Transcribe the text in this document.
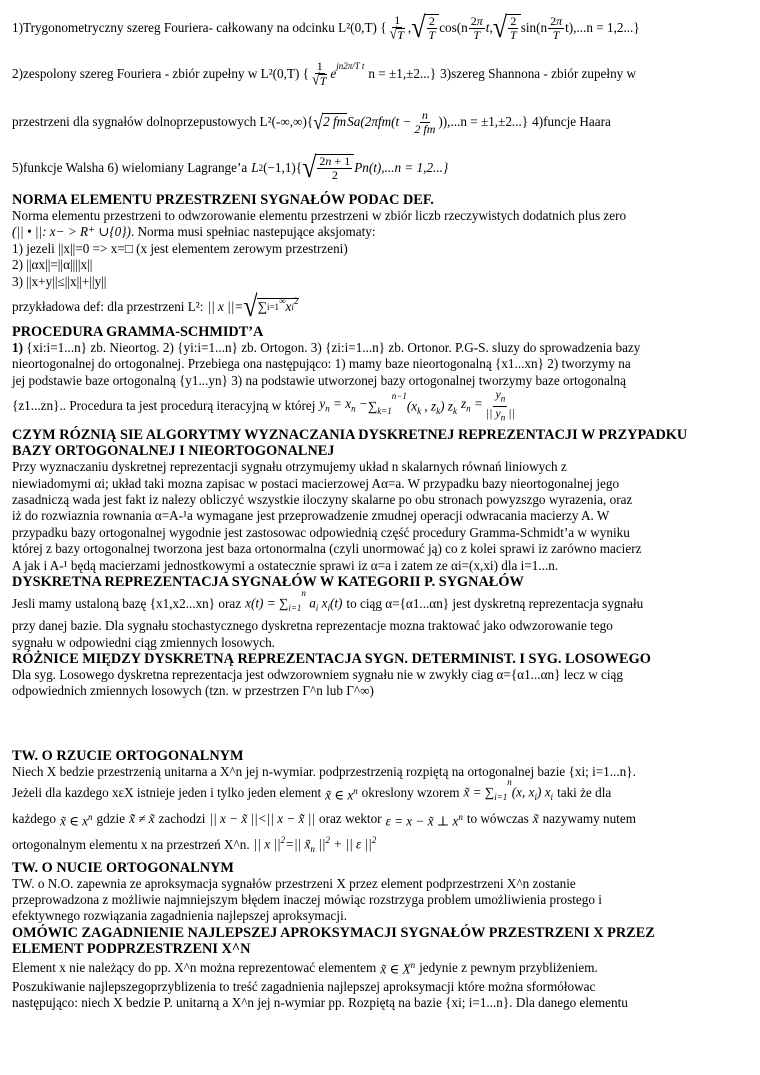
1)Trygonometryczny szereg Fouriera- całkowany na odcinku L²(0,T) { $\frac{1}{√ T}$ , √ $\frac{2}{T} \cos(n \frac{2\pi}{T}$ t , √ $\frac{2}{T} \sin(n \frac{2\pi}{T} t),...n = 1,2$...}
2)zespolony szereg Fouriera - zbiór zupełny w L²(0,T) { $\frac{1}{√ T} e^{jn2\pi/T t}$ n = ±1,±2...} 3)szereg Shannona - zbiór zupełny w
przestrzeni dla sygnałów dolnoprzepustowych L²(-∞,∞){ √ 2 fm $Sa(2\pi fm(t - \frac{n}{2 fm} )),...n = \pm 1,\pm 2$...} 4)funcje Haara
5)funkcje Walsha 6) wielomiany Lagrange’a L 2 (−1,1){ √ $\frac{2n + 1}{2} Pn(t),...n = 1,2$...}
NORMA ELEMENTU PRZESTRZENI SYGNAŁÓW PODAC DEF.

Norma elementu przestrzeni to odwzorowanie elementu przestrzeni w zbiór liczb rzeczywistych dodatnich plus zero

(|| • ||: x− > R⁺ ∪{0}) . Norma musi spełniac nastepujące aksjomaty:

1) jezeli ||x||=0 => x=□ (x jest elementem zerowym przestrzeni)

2) ||αx||=||α||||x||

3) ||x+y||≤||x||+||y||

przykładowa def: dla przestrzeni L²: || x ||= √ ∑ i=1
∞ x i
$^2$
PROCEDURA GRAMMA-SCHMIDT’A

1) {xi:i=1...n} zb. Nieortog. 2) {yi:i=1...n} zb. Ortogon. 3) {zi:i=1...n} zb. Ortonor. P.G-S. sluzy do sprowadzenia bazy

nieortogonalnej do ortogonalnej. Przebiega ona następująco: 1) mamy baze nieortogonalną {x1...xn} 2) tworzymy na

jej podstawie baze ortogonalną {y1...yn} 3) na podstawie utworzonej bazy ortogonalnej tworzymy baze ortogonalną

{z1...zn}.. Procedura ta jest procedurą iteracyjną w której $y_n = x_n - \sum_{k=1}^{n-1}(x_k$ , $z_k$) $z_k$ $z_n = \frac{y_n}{|| y_n ||}$
CZYM RÓZNIĄ SIE ALGORYTMY WYZNACZANIA DYSKRETNEJ REPREZENTACJI W PRZYPADKU
BAZY ORTOGONALNEJ I NIEORTOGONALNEJ

Przy wyznaczaniu dyskretnej reprezentacji sygnału otrzymujemy układ n skalarnych równań liniowych z

niewiadomymi αi; układ taki mozna zapisac w postaci macierzowej Aα=a. W przypadku bazy nieortogonalnej jego

zasadniczą wada jest fakt iz nalezy obliczyć wszystkie iloczyny skalarne po obu stronach powyzszgo wyrazenia, oraz

iż do rozwiaznia rownania α=A-¹a wymagane jest przeprowadzenie zmudnej operacji odwracania macierzy A. W

przypadku bazy ortogonalnej wygodnie jest zastosowac odpowiednią część procedury Gramma-Schmidt’a w wyniku

której z bazy ortogonalnej tworzona jest baza ortonormalna (czyli unormować ją) co z kolei sprawi iz zarówno macierz

A jak i A-¹ będą macierzami jednostkowymi a ostatecznie sprawi iz α=a i zatem ze αi=(x,xi) dla i=1...n.

DYSKRETNA REPREZENTACJA SYGNAŁÓW W KATEGORII P. SYGNAŁÓW
Jesli mamy ustaloną bazę {x1,x2...xn} oraz $x(t) = \sum_{i=1}^n$ $a_i$ $x_i(t)$ to ciąg α={α1...αn} jest dyskretną reprezentacja sygnału

przy danej bazie. Dla sygnału stochastycznego dyskretna reprezentacje mozna traktować jako odwzorowanie tego

sygnału w odpowiedni ciąg zmiennych losowych.

RÓŻNICE MIĘDZY DYSKRETNĄ REPREZENTACJA SYGN. DETERMINIST. I SYG. LOSOWEGO

Dla syg. Losowego dyskretna reprezentacja jest odwzorowniem sygnału nie w zwykły ciag α={α1...αn} lecz w ciąg

odpowiednich zmiennych losowych (tzn. w przestrzen Γ^n lub Γ^∞)

TW. O RZUCIE ORTOGONALNYM

Niech X bedzie przestrzenią unitarna a X^n jej n-wymiar. podprzestrzenią rozpiętą na ortogonalnej bazie {xi; i=1...n}.

Jeżeli dla kazdego xεX istnieje jeden i tylko jeden element x̃ ∈ $x^n$ okreslony wzorem x̃ = $\sum_{i=1}^n(x$, $x_i$) $x_i$ taki że dla
każdego x̃ ∈ $x^n$ gdzie x̃̃ ≠ x̃ zachodzi || x − x̃ ||<|| x − x̃̃ || oraz wektor ε = x − x̃ ⊥ $x^n$ to wówczas x̃ nazywamy nutem
ortogonalnym elementu x na przestrzeń X^n. || x $||^2=||$ $x̃_n$ $||^2$ + || ε $||^2$
TW. O NUCIE ORTOGONALNYM

TW. o N.O. zapewnia ze aproksymacja sygnałów przestrzeni X przez element podprzestrzeni X^n zostanie

przeprowadzona z możliwie najmniejszym błędem inaczej mówiąc rozstrzyga problem umożliwienia prostego i

efektywnego rozwiązania zagadnienia najlepszej aproksymacji.

OMÓWIC ZAGADNIENIE NAJLEPSZEJ APROKSYMACJI SYGNAŁÓW PRZESTRZENI X PRZEZ
ELEMENT PODPRZESTRZENI X^N
Element x nie należący do pp. X^n można reprezentować elementem x̃ ∈ $X^n$ jedynie z pewnym przybliżeniem.

Poszukiwanie najlepszegoprzyblizenia to treść zagadnienia najlepszej aproksymacji które można sformółowac

następująco: niech X bedzie P. unitarną a X^n jej n-wymiar pp. Rozpiętą na bazie {xi; i=1...n}. Dla danego elementu
